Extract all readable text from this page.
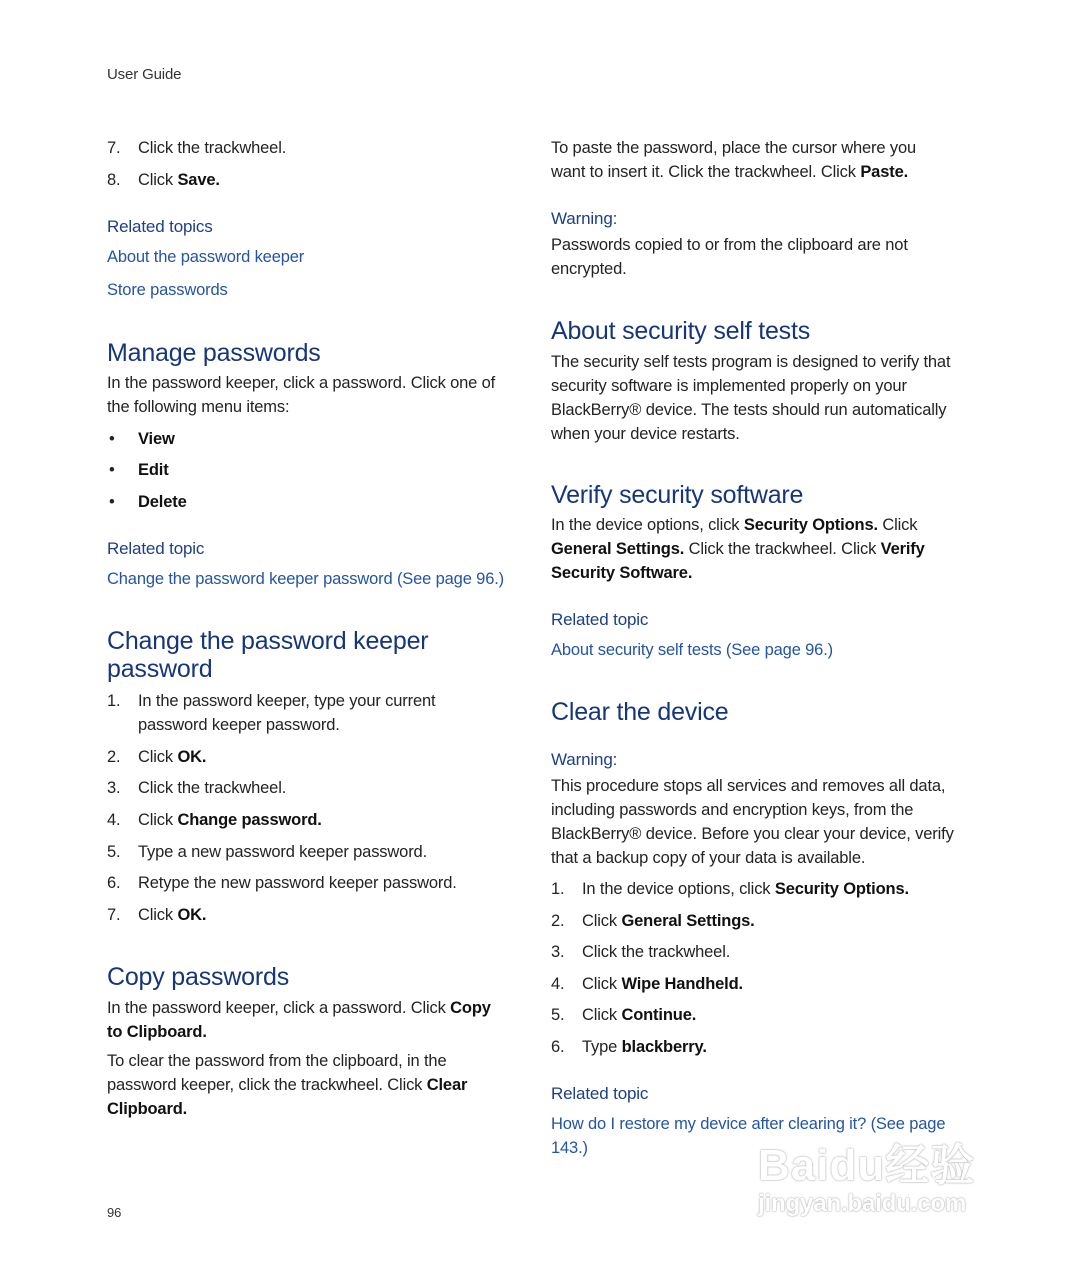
User Guide
7. Click the trackwheel.
8. Click Save.
Related topics
About the password keeper
Store passwords
Manage passwords
In the password keeper, click a password. Click one of the following menu items:
• View
• Edit
• Delete
Related topic
Change the password keeper password (See page 96.)
Change the password keeper password
1. In the password keeper, type your current password keeper password.
2. Click OK.
3. Click the trackwheel.
4. Click Change password.
5. Type a new password keeper password.
6. Retype the new password keeper password.
7. Click OK.
Copy passwords
In the password keeper, click a password. Click Copy to Clipboard.
To clear the password from the clipboard, in the password keeper, click the trackwheel. Click Clear Clipboard.
96
To paste the password, place the cursor where you want to insert it. Click the trackwheel. Click Paste.
Warning:
Passwords copied to or from the clipboard are not encrypted.
About security self tests
The security self tests program is designed to verify that security software is implemented properly on your BlackBerry® device. The tests should run automatically when your device restarts.
Verify security software
In the device options, click Security Options. Click General Settings. Click the trackwheel. Click Verify Security Software.
Related topic
About security self tests (See page 96.)
Clear the device
Warning:
This procedure stops all services and removes all data, including passwords and encryption keys, from the BlackBerry® device. Before you clear your device, verify that a backup copy of your data is available.
1. In the device options, click Security Options.
2. Click General Settings.
3. Click the trackwheel.
4. Click Wipe Handheld.
5. Click Continue.
6. Type blackberry.
Related topic
How do I restore my device after clearing it? (See page 143.)	Baidu经验
jingyan.baidu.com
